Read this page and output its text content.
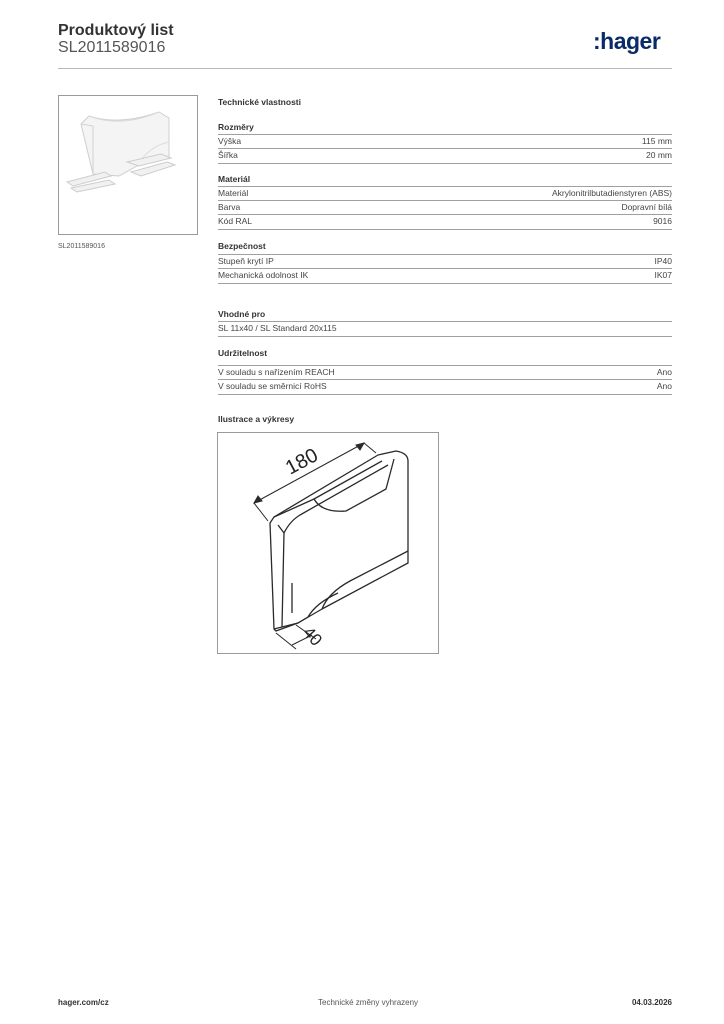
Produktový list
SL2011589016	:hager
SL2011589016
Technické vlastnosti
Rozměry
Výška	115 mm
Šířka	20 mm
Materiál
Materiál	Akrylonitrilbutadienstyren (ABS)
Barva	Dopravní bílá
Kód RAL	9016
Bezpečnost
Stupeň krytí IP	IP40
Mechanická odolnost IK	IK07
Vhodné pro
SL 11x40 / SL Standard 20x115
Udržitelnost
V souladu s nařízením REACH	Ano
V souladu se směrnicí RoHS	Ano
Ilustrace a výkresy
180
40
hager.com/cz	Technické změny vyhrazeny	04.03.2026
